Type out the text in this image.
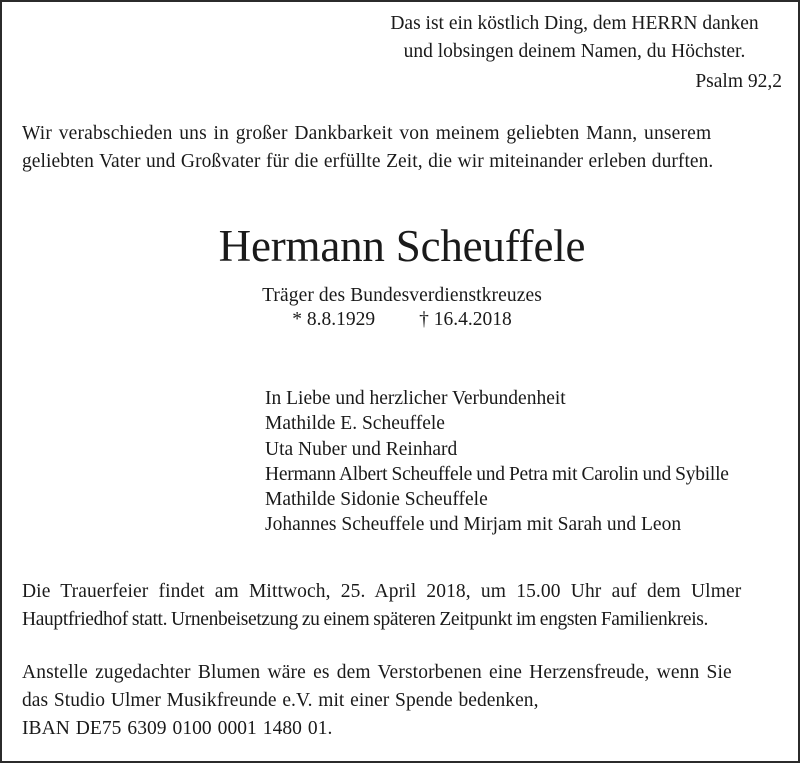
Das ist ein köstlich Ding, dem HERRN danken
und lobsingen deinem Namen, du Höchster.
Psalm 92,2
Wir verabschieden uns in großer Dankbarkeit von meinem geliebten Mann, unserem
geliebten Vater und Großvater für die erfüllte Zeit, die wir miteinander erleben durften.
Hermann Scheuffele
Träger des Bundesverdienstkreuzes
* 8.8.1929 † 16.4.2018
In Liebe und herzlicher Verbundenheit
Mathilde E. Scheuffele
Uta Nuber und Reinhard
Hermann Albert Scheuffele und Petra mit Carolin und Sybille
Mathilde Sidonie Scheuffele
Johannes Scheuffele und Mirjam mit Sarah und Leon
Die Trauerfeier findet am Mittwoch, 25. April 2018, um 15.00 Uhr auf dem Ulmer
Hauptfriedhof statt. Urnenbeisetzung zu einem späteren Zeitpunkt im engsten Familienkreis.
Anstelle zugedachter Blumen wäre es dem Verstorbenen eine Herzensfreude, wenn Sie
das Studio Ulmer Musikfreunde e.V. mit einer Spende bedenken,
IBAN DE75 6309 0100 0001 1480 01.
